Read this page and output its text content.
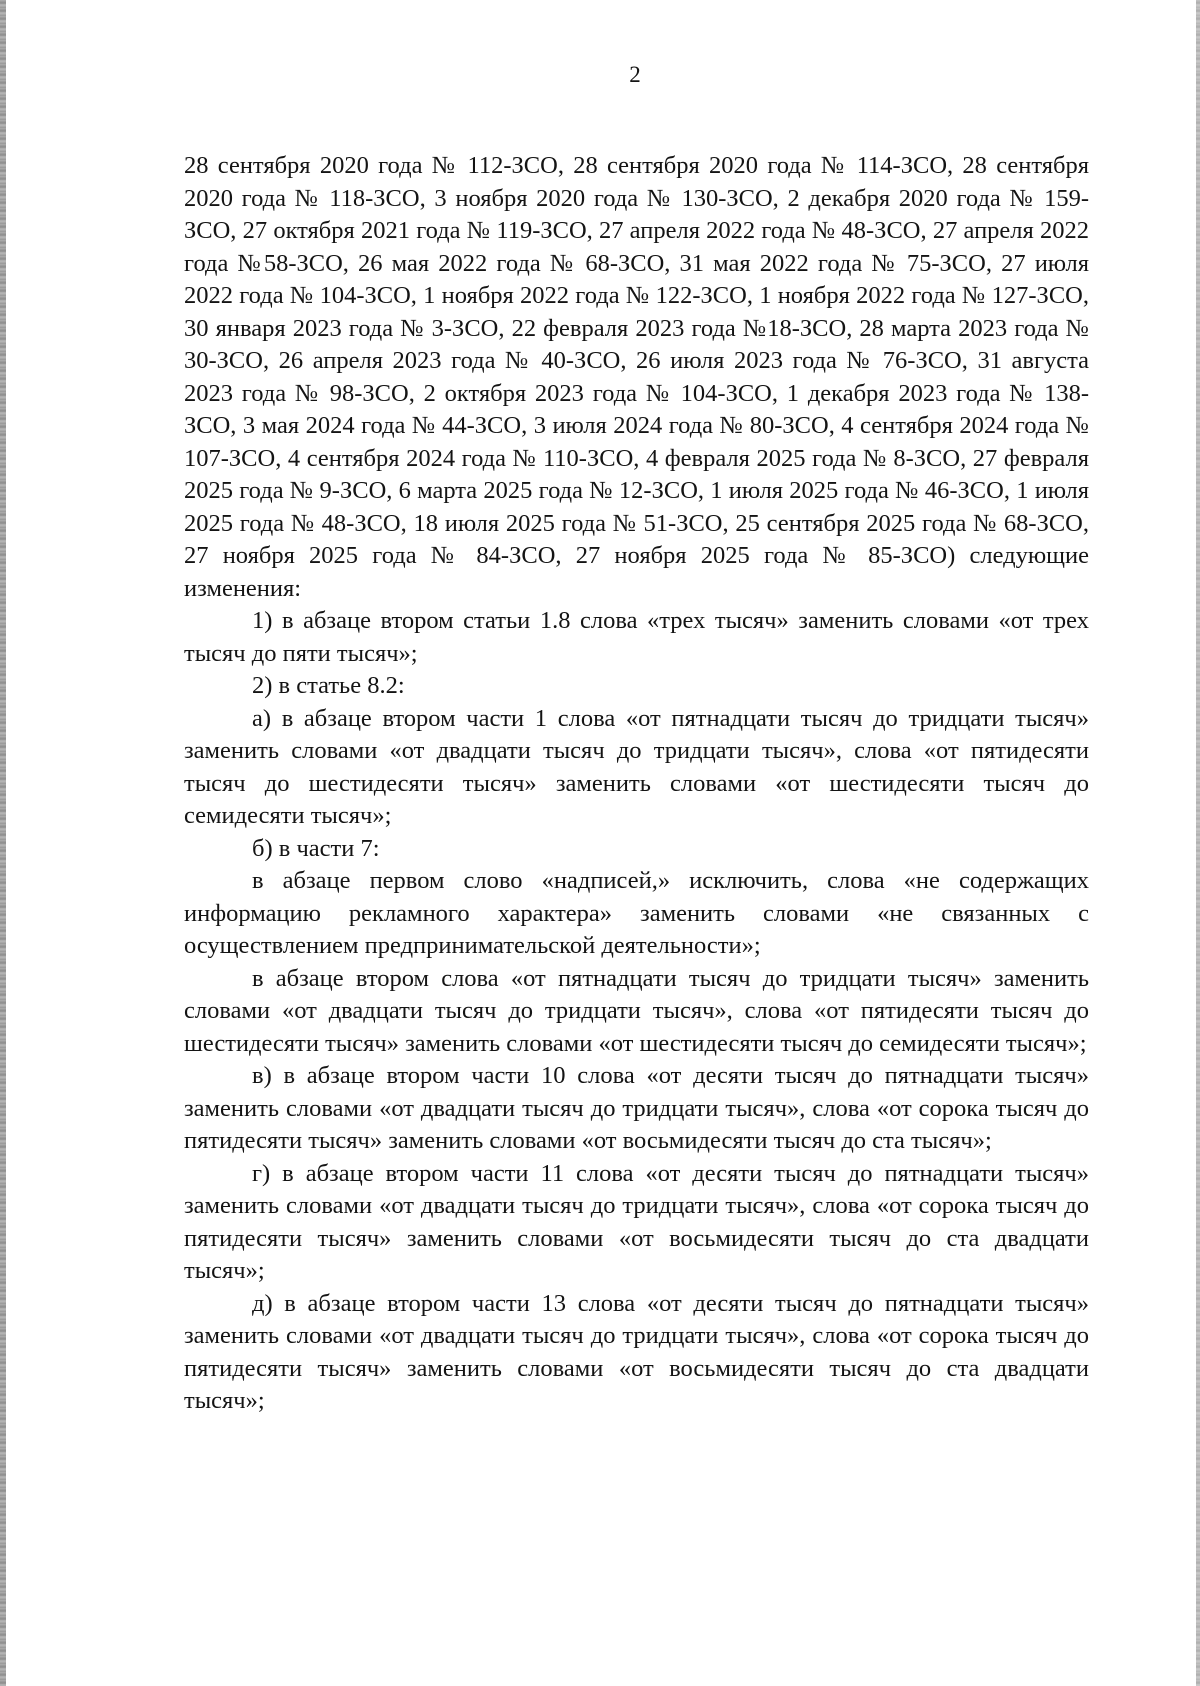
2

28 сентября 2020 года № 112-ЗСО, 28 сентября 2020 года № 114-ЗСО, 28 сентября 2020 года № 118-ЗСО, 3 ноября 2020 года № 130-ЗСО, 2 декабря 2020 года № 159-ЗСО, 27 октября 2021 года № 119-ЗСО, 27 апреля 2022 года № 48-ЗСО, 27 апреля 2022 года №58-ЗСО, 26 мая 2022 года № 68-ЗСО, 31 мая 2022 года № 75-ЗСО, 27 июля 2022 года № 104-ЗСО, 1 ноября 2022 года № 122-ЗСО, 1 ноября 2022 года № 127-ЗСО, 30 января 2023 года № 3-ЗСО, 22 февраля 2023 года №18-ЗСО, 28 марта 2023 года № 30-ЗСО, 26 апреля 2023 года № 40-ЗСО, 26 июля 2023 года № 76-ЗСО, 31 августа 2023 года № 98-ЗСО, 2 октября 2023 года № 104-ЗСО, 1 декабря 2023 года № 138-ЗСО, 3 мая 2024 года № 44-ЗСО, 3 июля 2024 года № 80-ЗСО, 4 сентября 2024 года № 107-ЗСО, 4 сентября 2024 года № 110-ЗСО, 4 февраля 2025 года № 8-ЗСО, 27 февраля 2025 года № 9-ЗСО, 6 марта 2025 года № 12-ЗСО, 1 июля 2025 года № 46-ЗСО, 1 июля 2025 года № 48-ЗСО, 18 июля 2025 года № 51-ЗСО, 25 сентября 2025 года № 68-ЗСО, 27 ноября 2025 года № 84-ЗСО, 27 ноября 2025 года № 85-ЗСО) следующие изменения:

1) в абзаце втором статьи 1.8 слова «трех тысяч» заменить словами «от трех тысяч до пяти тысяч»;

2) в статье 8.2:

а) в абзаце втором части 1 слова «от пятнадцати тысяч до тридцати тысяч» заменить словами «от двадцати тысяч до тридцати тысяч», слова «от пятидесяти тысяч до шестидесяти тысяч» заменить словами «от шестидесяти тысяч до семидесяти тысяч»;

б) в части 7:

в абзаце первом слово «надписей,» исключить, слова «не содержащих информацию рекламного характера» заменить словами «не связанных с осуществлением предпринимательской деятельности»;

в абзаце втором слова «от пятнадцати тысяч до тридцати тысяч» заменить словами «от двадцати тысяч до тридцати тысяч», слова «от пятидесяти тысяч до шестидесяти тысяч» заменить словами «от шестидесяти тысяч до семидесяти тысяч»;

в) в абзаце втором части 10 слова «от десяти тысяч до пятнадцати тысяч» заменить словами «от двадцати тысяч до тридцати тысяч», слова «от сорока тысяч до пятидесяти тысяч» заменить словами «от восьмидесяти тысяч до ста тысяч»;

г) в абзаце втором части 11 слова «от десяти тысяч до пятнадцати тысяч» заменить словами «от двадцати тысяч до тридцати тысяч», слова «от сорока тысяч до пятидесяти тысяч» заменить словами «от восьмидесяти тысяч до ста двадцати тысяч»;

д) в абзаце втором части 13 слова «от десяти тысяч до пятнадцати тысяч» заменить словами «от двадцати тысяч до тридцати тысяч», слова «от сорока тысяч до пятидесяти тысяч» заменить словами «от восьмидесяти тысяч до ста двадцати тысяч»;
